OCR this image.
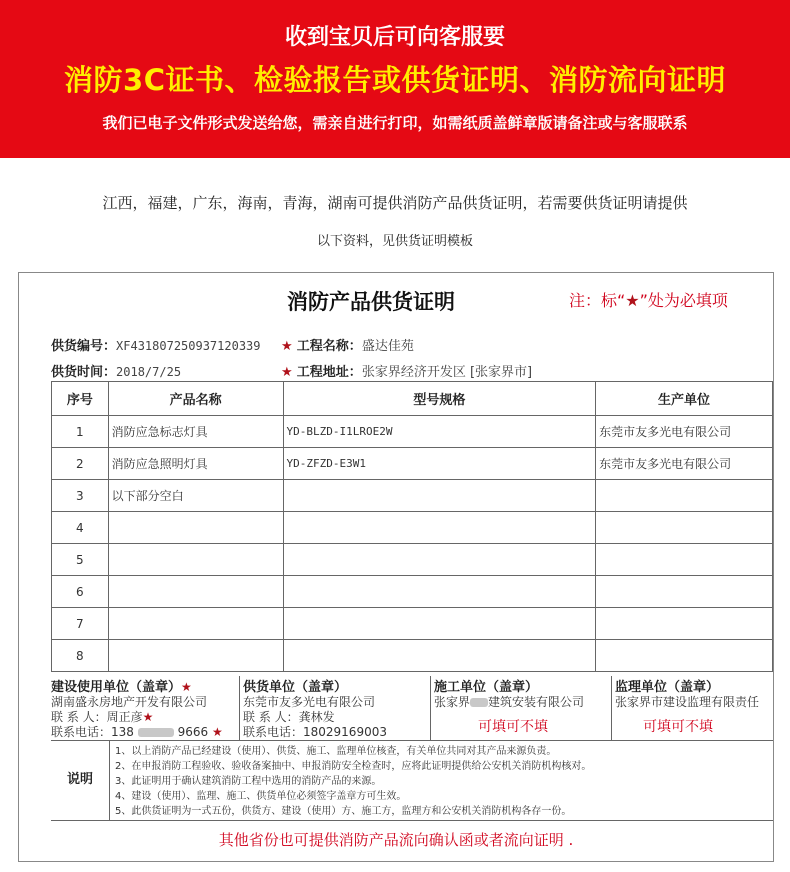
收到宝贝后可向客服要
消防3C证书、检验报告或供货证明、消防流向证明
我们已电子文件形式发送给您，需亲自进行打印，如需纸质盖鲜章版请备注或与客服联系
江西，福建，广东，海南，青海，湖南可提供消防产品供货证明，若需要供货证明请提供
以下资料，见供货证明模板
消防产品供货证明	注：标“★”处为必填项
供货编号：XF431807250937120339
供货时间：2018/7/25
★ 工程名称：盛达佳苑
★ 工程地址：张家界经济开发区 [张家界市]
序号	产品名称	型号规格	生产单位
1	消防应急标志灯具	YD-BLZD-I1LROE2W	东莞市友多光电有限公司
2	消防应急照明灯具	YD-ZFZD-E3W1	东莞市友多光电有限公司
3	以下部分空白		
4			
5			
6			
7			
8			
建设使用单位（盖章）★
湖南盛永房地产开发有限公司
联 系 人：周正彦★
联系电话：138	9666 ★
供货单位（盖章）
东莞市友多光电有限公司
联 系 人：龚林发
联系电话：18029169003
施工单位（盖章）
张家界 建筑安装有限公司
可填可不填
监理单位（盖章）
张家界市建设监理有限责任
可填可不填
说明
1、以上消防产品已经建设（使用）、供货、施工、监理单位核查，有关单位共同对其产品来源负责。
2、在申报消防工程验收、验收备案抽中、申报消防安全检查时，应将此证明提供给公安机关消防机构核对。
3、此证明用于确认建筑消防工程中选用的消防产品的来源。
4、建设（使用）、监理、施工、供货单位必须签字盖章方可生效。
5、此供货证明为一式五份，供货方、建设（使用）方、施工方，监理方和公安机关消防机构各存一份。
其他省份也可提供消防产品流向确认函或者流向证明 .
